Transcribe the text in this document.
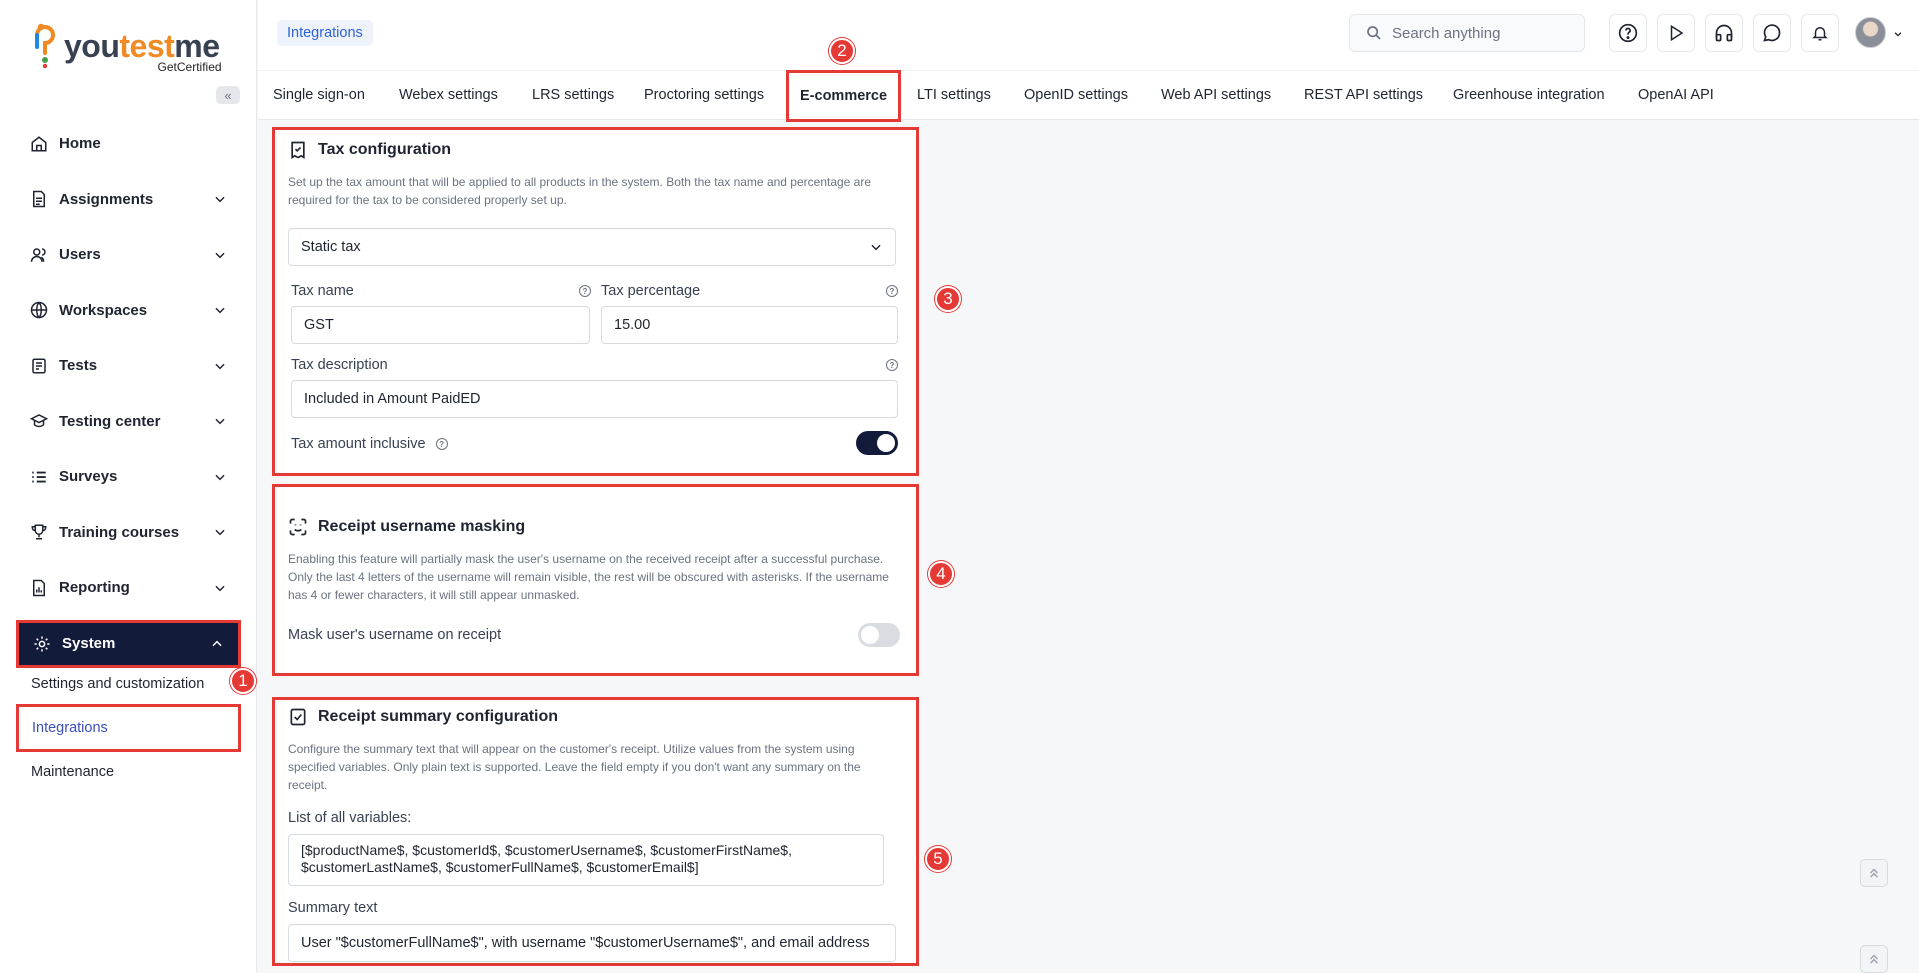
youtestme
GetCertified
«
Home
Assignments
Users
Workspaces
Tests
Testing center
Surveys
Training courses
Reporting
System
Settings and customization
Integrations
Maintenance
Integrations	Search anything
Single sign-on Webex settings LRS settings Proctoring settings	E-commerce	LTI settings OpenID settings Web API settings REST API settings Greenhouse integration OpenAI API
Tax configuration
Set up the tax amount that will be applied to all products in the system. Both the tax name and percentage are required for the tax to be considered properly set up.
Static tax
Tax name	?
GST
Tax percentage	?
15.00
Tax description	?
Included in Amount PaidED
Tax amount inclusive	?
Receipt username masking
Enabling this feature will partially mask the user's username on the received receipt after a successful purchase. Only the last 4 letters of the username will remain visible, the rest will be obscured with asterisks. If the username has 4 or fewer characters, it will still appear unmasked.
Mask user's username on receipt
Receipt summary configuration
Configure the summary text that will appear on the customer's receipt. Utilize values from the system using specified variables. Only plain text is supported. Leave the field empty if you don't want any summary on the receipt.
List of all variables:
[$productName$, $customerId$, $customerUsername$, $customerFirstName$, $customerLastName$, $customerFullName$, $customerEmail$]
Summary text
User "$customerFullName$", with username "$customerUsername$", and email address
1
2
3
4
5
